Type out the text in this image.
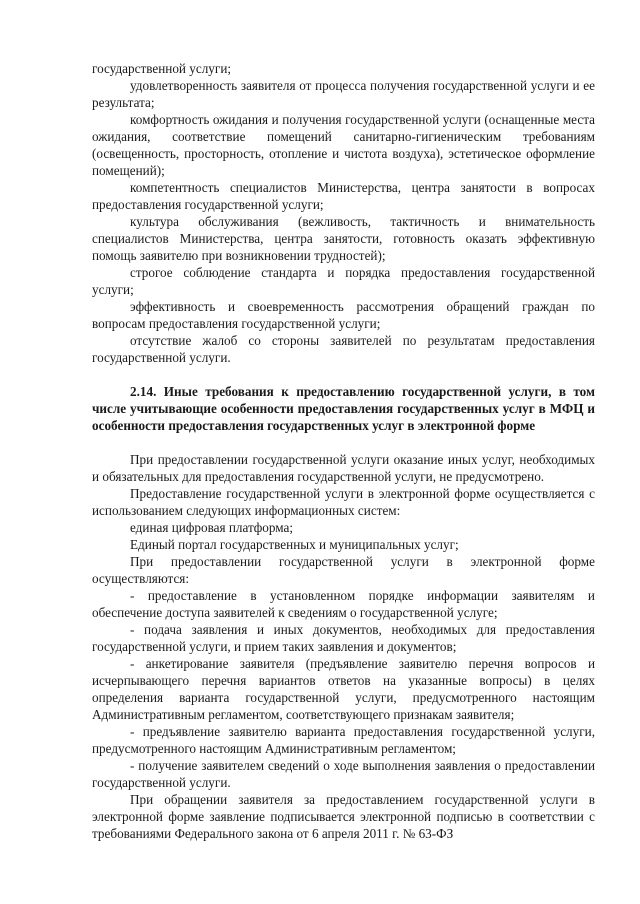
государственной услуги;

удовлетворенность заявителя от процесса получения государственной услуги и ее результата;

комфортность ожидания и получения государственной услуги (оснащенные места ожидания, соответствие помещений санитарно-гигиеническим требованиям (освещенность, просторность, отопление и чистота воздуха), эстетическое оформление помещений);

компетентность специалистов Министерства, центра занятости в вопросах предоставления государственной услуги;

культура обслуживания (вежливость, тактичность и внимательность специалистов Министерства, центра занятости, готовность оказать эффективную помощь заявителю при возникновении трудностей);

строгое соблюдение стандарта и порядка предоставления государственной услуги;

эффективность и своевременность рассмотрения обращений граждан по вопросам предоставления государственной услуги;

отсутствие жалоб со стороны заявителей по результатам предоставления государственной услуги.

2.14. Иные требования к предоставлению государственной услуги, в том числе учитывающие особенности предоставления государственных услуг в МФЦ и особенности предоставления государственных услуг в электронной форме

При предоставлении государственной услуги оказание иных услуг, необходимых и обязательных для предоставления государственной услуги, не предусмотрено.

Предоставление государственной услуги в электронной форме осуществляется с использованием следующих информационных систем:

единая цифровая платформа;

Единый портал государственных и муниципальных услуг;

При предоставлении государственной услуги в электронной форме осуществляются:

- предоставление в установленном порядке информации заявителям и обеспечение доступа заявителей к сведениям о государственной услуге;

- подача заявления и иных документов, необходимых для предоставления государственной услуги, и прием таких заявления и документов;

- анкетирование заявителя (предъявление заявителю перечня вопросов и исчерпывающего перечня вариантов ответов на указанные вопросы) в целях определения варианта государственной услуги, предусмотренного настоящим Административным регламентом, соответствующего признакам заявителя;

- предъявление заявителю варианта предоставления государственной услуги, предусмотренного настоящим Административным регламентом;

- получение заявителем сведений о ходе выполнения заявления о предоставлении государственной услуги.

При обращении заявителя за предоставлением государственной услуги в электронной форме заявление подписывается электронной подписью в соответствии с требованиями Федерального закона от 6 апреля 2011 г. № 63-ФЗ
